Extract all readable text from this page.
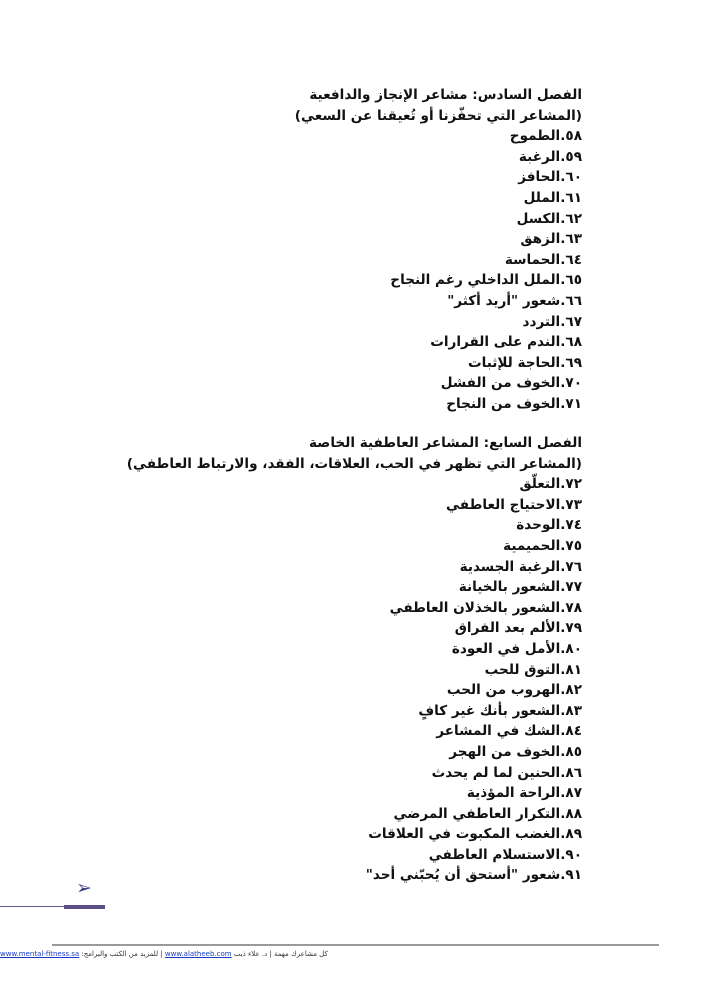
الفصل السادس: مشاعر الإنجاز والدافعية
(المشاعر التي تحفّزنا أو تُعيقنا عن السعي)
٥٨.الطموح
٥٩.الرغبة
٦٠.الحافز
٦١.الملل
٦٢.الكسل
٦٣.الزهق
٦٤.الحماسة
٦٥.الملل الداخلي رغم النجاح
٦٦.شعور "أريد أكثر"
٦٧.التردد
٦٨.الندم على القرارات
٦٩.الحاجة للإثبات
٧٠.الخوف من الفشل
٧١.الخوف من النجاح
الفصل السابع: المشاعر العاطفية الخاصة
(المشاعر التي تظهر في الحب، العلاقات، الفقد، والارتباط العاطفي)
٧٢.التعلّق
٧٣.الاحتياج العاطفي
٧٤.الوحدة
٧٥.الحميمية
٧٦.الرغبة الجسدية
٧٧.الشعور بالخيانة
٧٨.الشعور بالخذلان العاطفي
٧٩.الألم بعد الفراق
٨٠.الأمل في العودة
٨١.التوق للحب
٨٢.الهروب من الحب
٨٣.الشعور بأنك غير كافٍ
٨٤.الشك في المشاعر
٨٥.الخوف من الهجر
٨٦.الحنين لما لم يحدث
٨٧.الراحة المؤذية
٨٨.التكرار العاطفي المرضي
٨٩.الغضب المكبوت في العلاقات
٩٠.الاستسلام العاطفي
٩١.شعور "أستحق أن يُحبّني أحد"
➢
كل مشاعرك مهمة | د. علاء ذيب www.alatheeb.com | للمزيد من الكتب والبرامج: www.mental-fitness.sa
